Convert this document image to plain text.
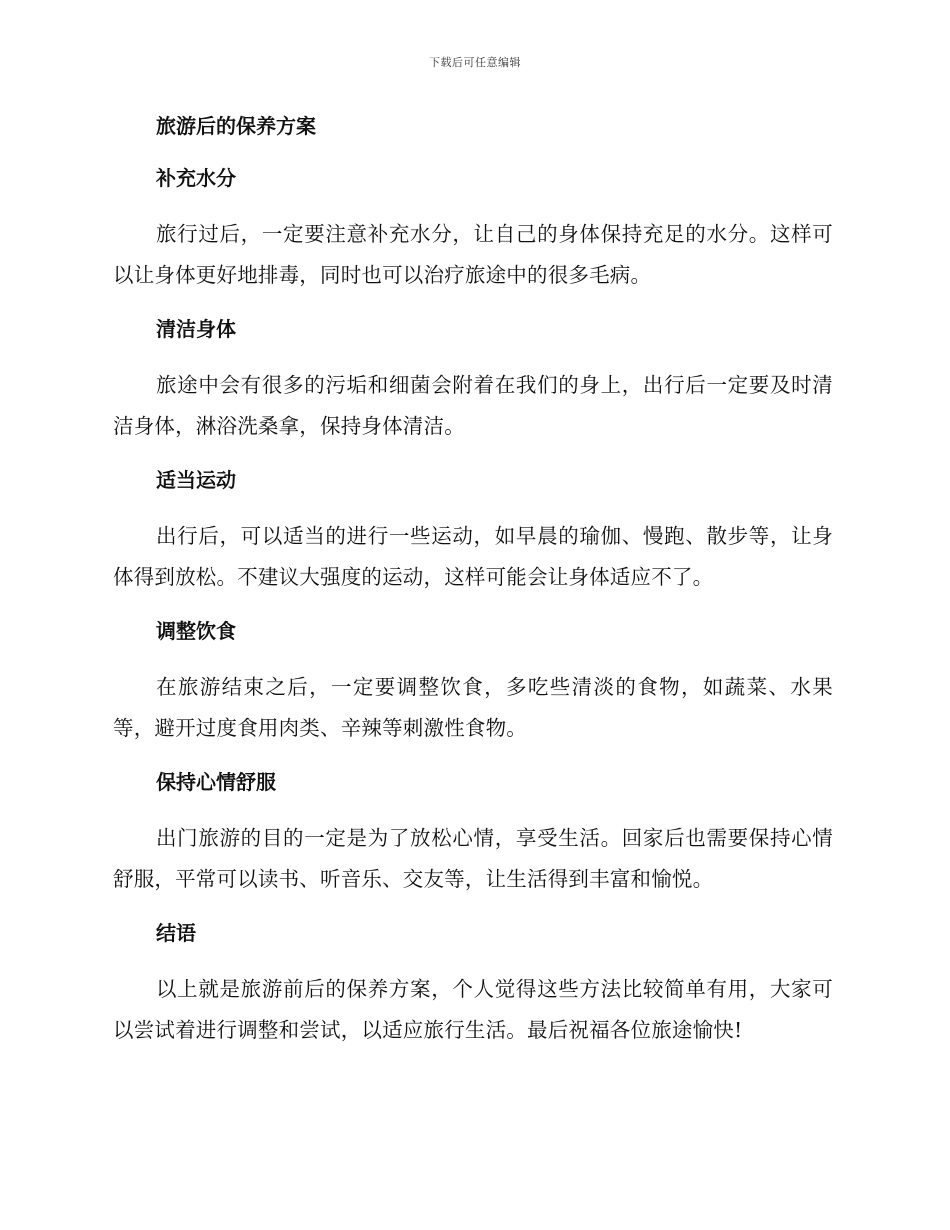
下载后可任意编辑
旅游后的保养方案
补充水分

旅行过后，一定要注意补充水分，让自己的身体保持充足的水分。这样可以让身体更好地排毒，同时也可以治疗旅途中的很多毛病。

清洁身体

旅途中会有很多的污垢和细菌会附着在我们的身上，出行后一定要及时清洁身体，淋浴洗桑拿，保持身体清洁。

适当运动

出行后，可以适当的进行一些运动，如早晨的瑜伽、慢跑、散步等，让身体得到放松。不建议大强度的运动，这样可能会让身体适应不了。

调整饮食

在旅游结束之后，一定要调整饮食，多吃些清淡的食物，如蔬菜、水果等，避开过度食用肉类、辛辣等刺激性食物。

保持心情舒服

出门旅游的目的一定是为了放松心情，享受生活。回家后也需要保持心情舒服，平常可以读书、听音乐、交友等，让生活得到丰富和愉悦。

结语

以上就是旅游前后的保养方案，个人觉得这些方法比较简单有用，大家可以尝试着进行调整和尝试，以适应旅行生活。最后祝福各位旅途愉快!
